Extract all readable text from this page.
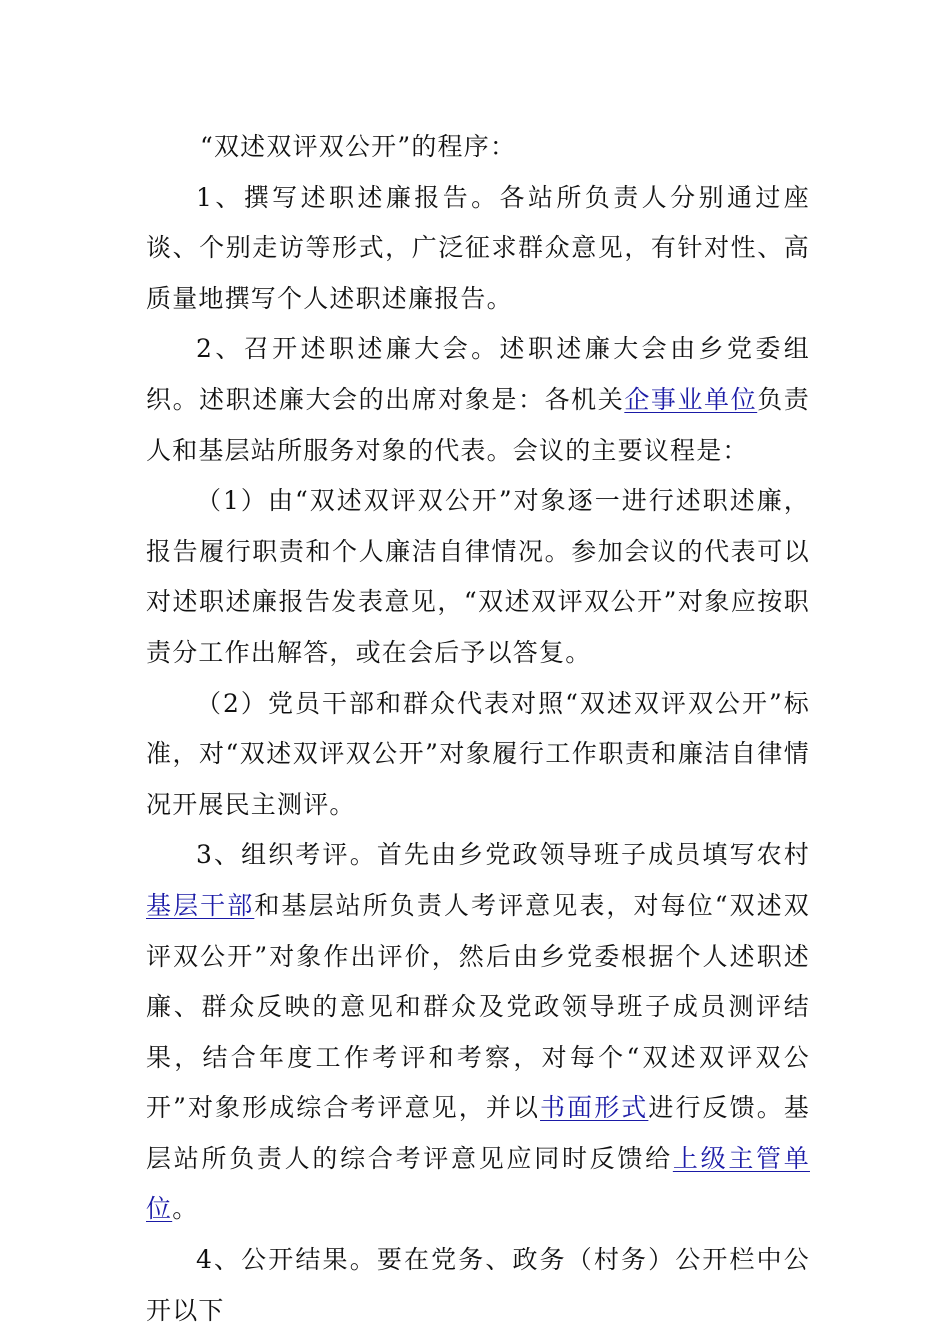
“双述双评双公开”的程序：

1、撰写述职述廉报告。各站所负责人分别通过座谈、个别走访等形式，广泛征求群众意见，有针对性、高质量地撰写个人述职述廉报告。

2、召开述职述廉大会。述职述廉大会由乡党委组织。述职述廉大会的出席对象是：各机关企事业单位负责人和基层站所服务对象的代表。会议的主要议程是：

（1）由“双述双评双公开”对象逐一进行述职述廉，报告履行职责和个人廉洁自律情况。参加会议的代表可以对述职述廉报告发表意见，“双述双评双公开”对象应按职责分工作出解答，或在会后予以答复。

（2）党员干部和群众代表对照“双述双评双公开”标准，对“双述双评双公开”对象履行工作职责和廉洁自律情况开展民主测评。

3、组织考评。首先由乡党政领导班子成员填写农村基层干部和基层站所负责人考评意见表，对每位“双述双评双公开”对象作出评价，然后由乡党委根据个人述职述廉、群众反映的意见和群众及党政领导班子成员测评结果，结合年度工作考评和考察，对每个“双述双评双公开”对象形成综合考评意见，并以书面形式进行反馈。基层站所负责人的综合考评意见应同时反馈给上级主管单位。

4、公开结果。要在党务、政务（村务）公开栏中公开以下
